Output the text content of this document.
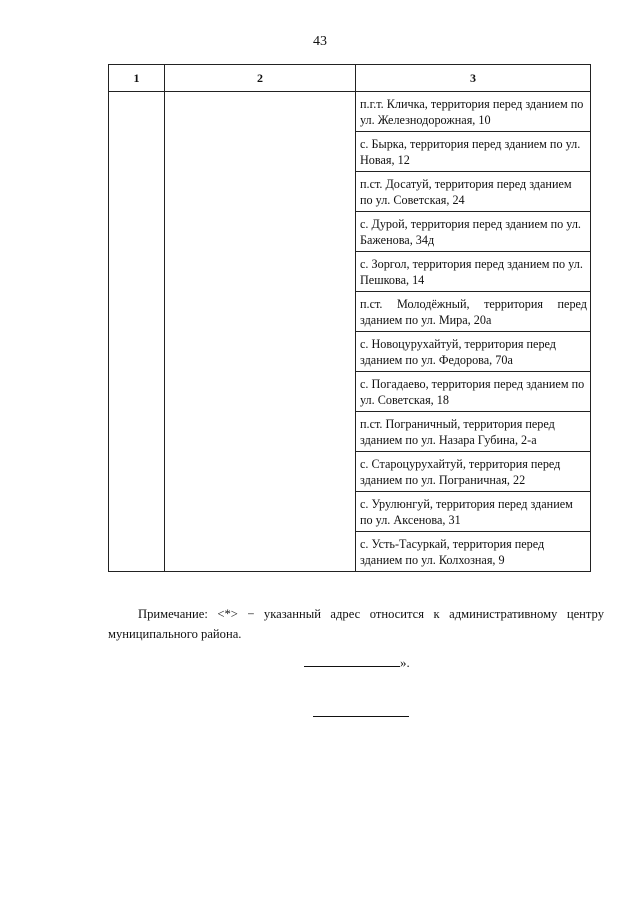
43
1	2	3
		п.г.т. Кличка, территория перед зданием по ул. Железнодорожная, 10
		с. Бырка, территория перед зданием по ул. Новая, 12
		п.ст. Досатуй, территория перед зданием по ул. Советская, 24
		с. Дурой, территория перед зданием по ул. Баженова, 34д
		с. Зоргол, территория перед зданием по ул. Пешкова, 14
		п.ст. Молодёжный, территория перед зданием по ул. Мира, 20а
		с. Новоцурухайтуй, территория перед зданием по ул. Федорова, 70а
		с. Погадаево, территория перед зданием по ул. Советская, 18
		п.ст. Пограничный, территория перед зданием по ул. Назара Губина, 2-а
		с. Староцурухайтуй, территория перед зданием по ул. Пограничная, 22
		с. Урулюнгуй, территория перед зданием по ул. Аксенова, 31
		с. Усть-Тасуркай, территория перед зданием по ул. Колхозная, 9
Примечание: <*> − указанный адрес относится к административному центру муниципального района.
».
